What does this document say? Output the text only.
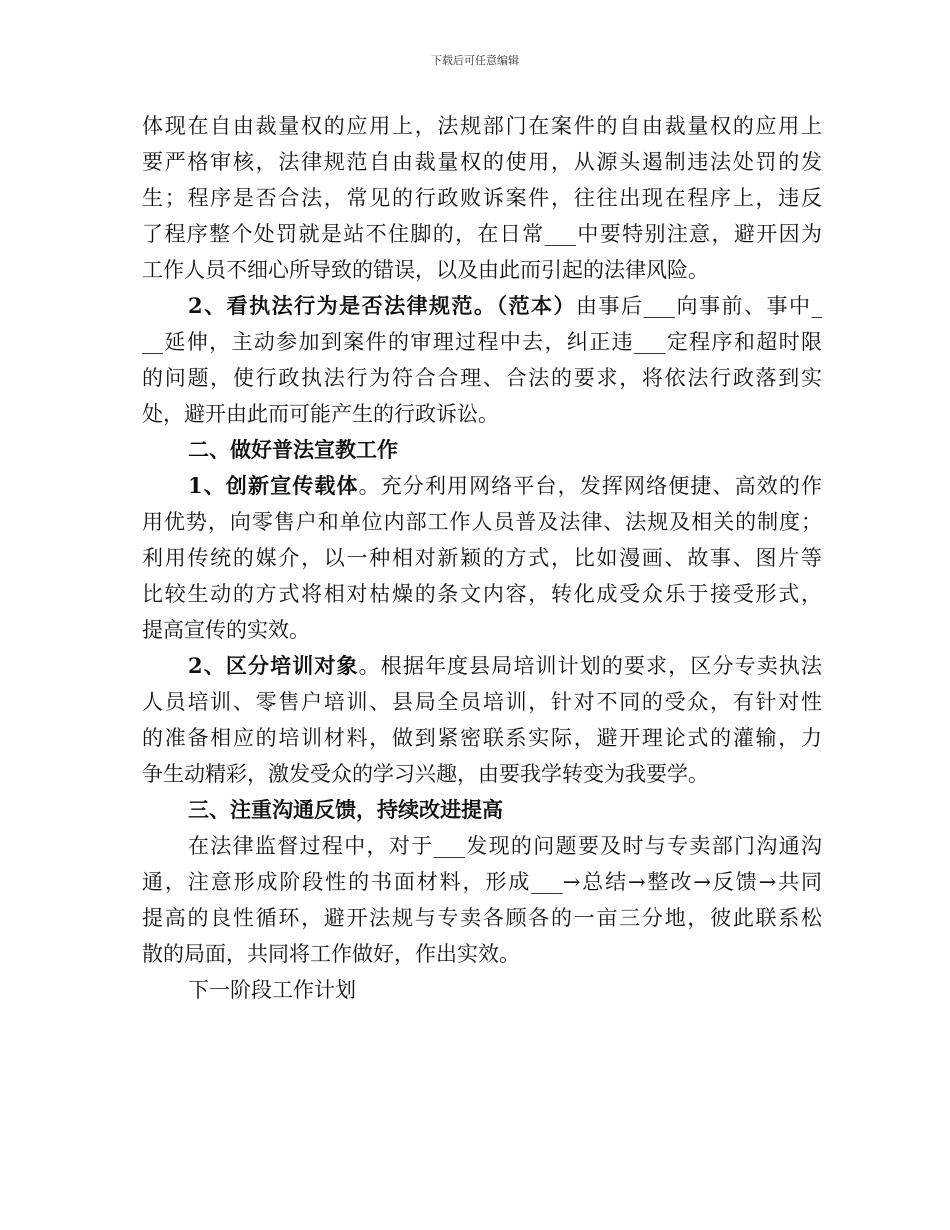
下载后可任意编辑
体现在自由裁量权的应用上，法规部门在案件的自由裁量权的应用上
要严格审核，法律规范自由裁量权的使用，从源头遏制违法处罚的发
生；程序是否合法，常见的行政败诉案件，往往出现在程序上，违反
了程序整个处罚就是站不住脚的，在日常___中要特别注意，避开因为
工作人员不细心所导致的错误，以及由此而引起的法律风险。
2、看执法行为是否法律规范。（范本）由事后___向事前、事中_
__延伸，主动参加到案件的审理过程中去，纠正违___定程序和超时限
的问题，使行政执法行为符合合理、合法的要求，将依法行政落到实
处，避开由此而可能产生的行政诉讼。
二、做好普法宣教工作
1、创新宣传载体。充分利用网络平台，发挥网络便捷、高效的作
用优势，向零售户和单位内部工作人员普及法律、法规及相关的制度；
利用传统的媒介，以一种相对新颖的方式，比如漫画、故事、图片等
比较生动的方式将相对枯燥的条文内容，转化成受众乐于接受形式，
提高宣传的实效。
2、区分培训对象。根据年度县局培训计划的要求，区分专卖执法
人员培训、零售户培训、县局全员培训，针对不同的受众，有针对性
的准备相应的培训材料，做到紧密联系实际，避开理论式的灌输，力
争生动精彩，激发受众的学习兴趣，由要我学转变为我要学。
三、注重沟通反馈，持续改进提高
在法律监督过程中，对于___发现的问题要及时与专卖部门沟通沟
通，注意形成阶段性的书面材料，形成___→总结→整改→反馈→共同
提高的良性循环，避开法规与专卖各顾各的一亩三分地，彼此联系松
散的局面，共同将工作做好，作出实效。
下一阶段工作计划
